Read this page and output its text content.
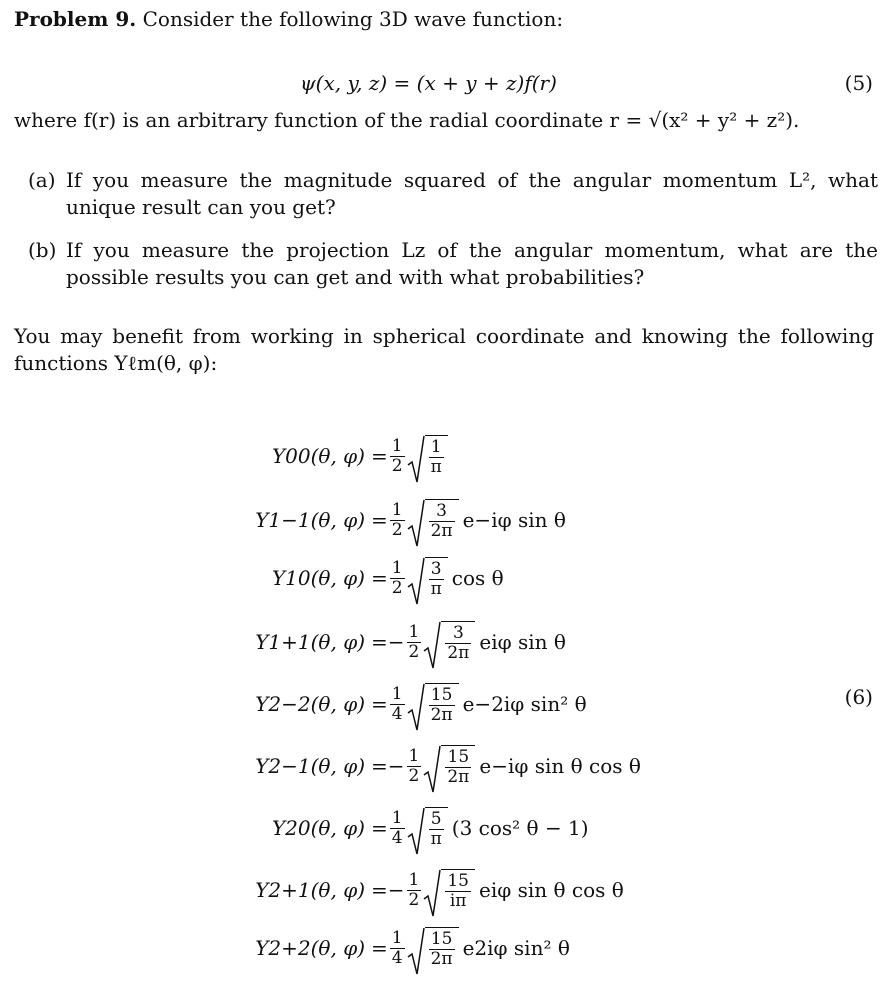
Problem 9. Consider the following 3D wave function:
ψ(x, y, z) = (x + y + z)f(r)	(5)
where f(r) is an arbitrary function of the radial coordinate r = √(x² + y² + z²).
(a) If you measure the magnitude squared of the angular momentum L², what unique result can you get?
(b) If you measure the projection Lz of the angular momentum, what are the possible results you can get and with what probabilities?
You may benefit from working in spherical coordinate and knowing the following functions Yℓm(θ, φ):
Y00(θ, $\varphi) = \frac{1}{2} \frac{1}{\pi}$
Y1−1(θ, $\varphi) = \frac{1}{2} \frac{3}{2\pi} e-i\varphi$ sin θ
Y10(θ, $\varphi) = \frac{1}{2} \frac{3}{\pi}$ cos θ
Y1+1(θ, φ) = − $\frac{1}{2} \frac{3}{2\pi}$ eiφ sin θ
Y2−2(θ, $\varphi) = \frac{1}{4} \frac{15}{2\pi} e-2i\varphi$ sin² θ
Y2−1(θ, φ) = − $\frac{1}{2} \frac{15}{2\pi} e-i\varphi$ sin θ cos θ
Y20(θ, $\varphi) = \frac{1}{4} \frac{5}{\pi} (3$ cos² θ − 1)
Y2+1(θ, φ) = − $\frac{1}{2} \frac{15}{i\pi}$ eiφ sin θ cos θ
Y2+2(θ, $\varphi) = \frac{1}{4} \frac{15}{2\pi} e2i\varphi$ sin² θ
(6)
